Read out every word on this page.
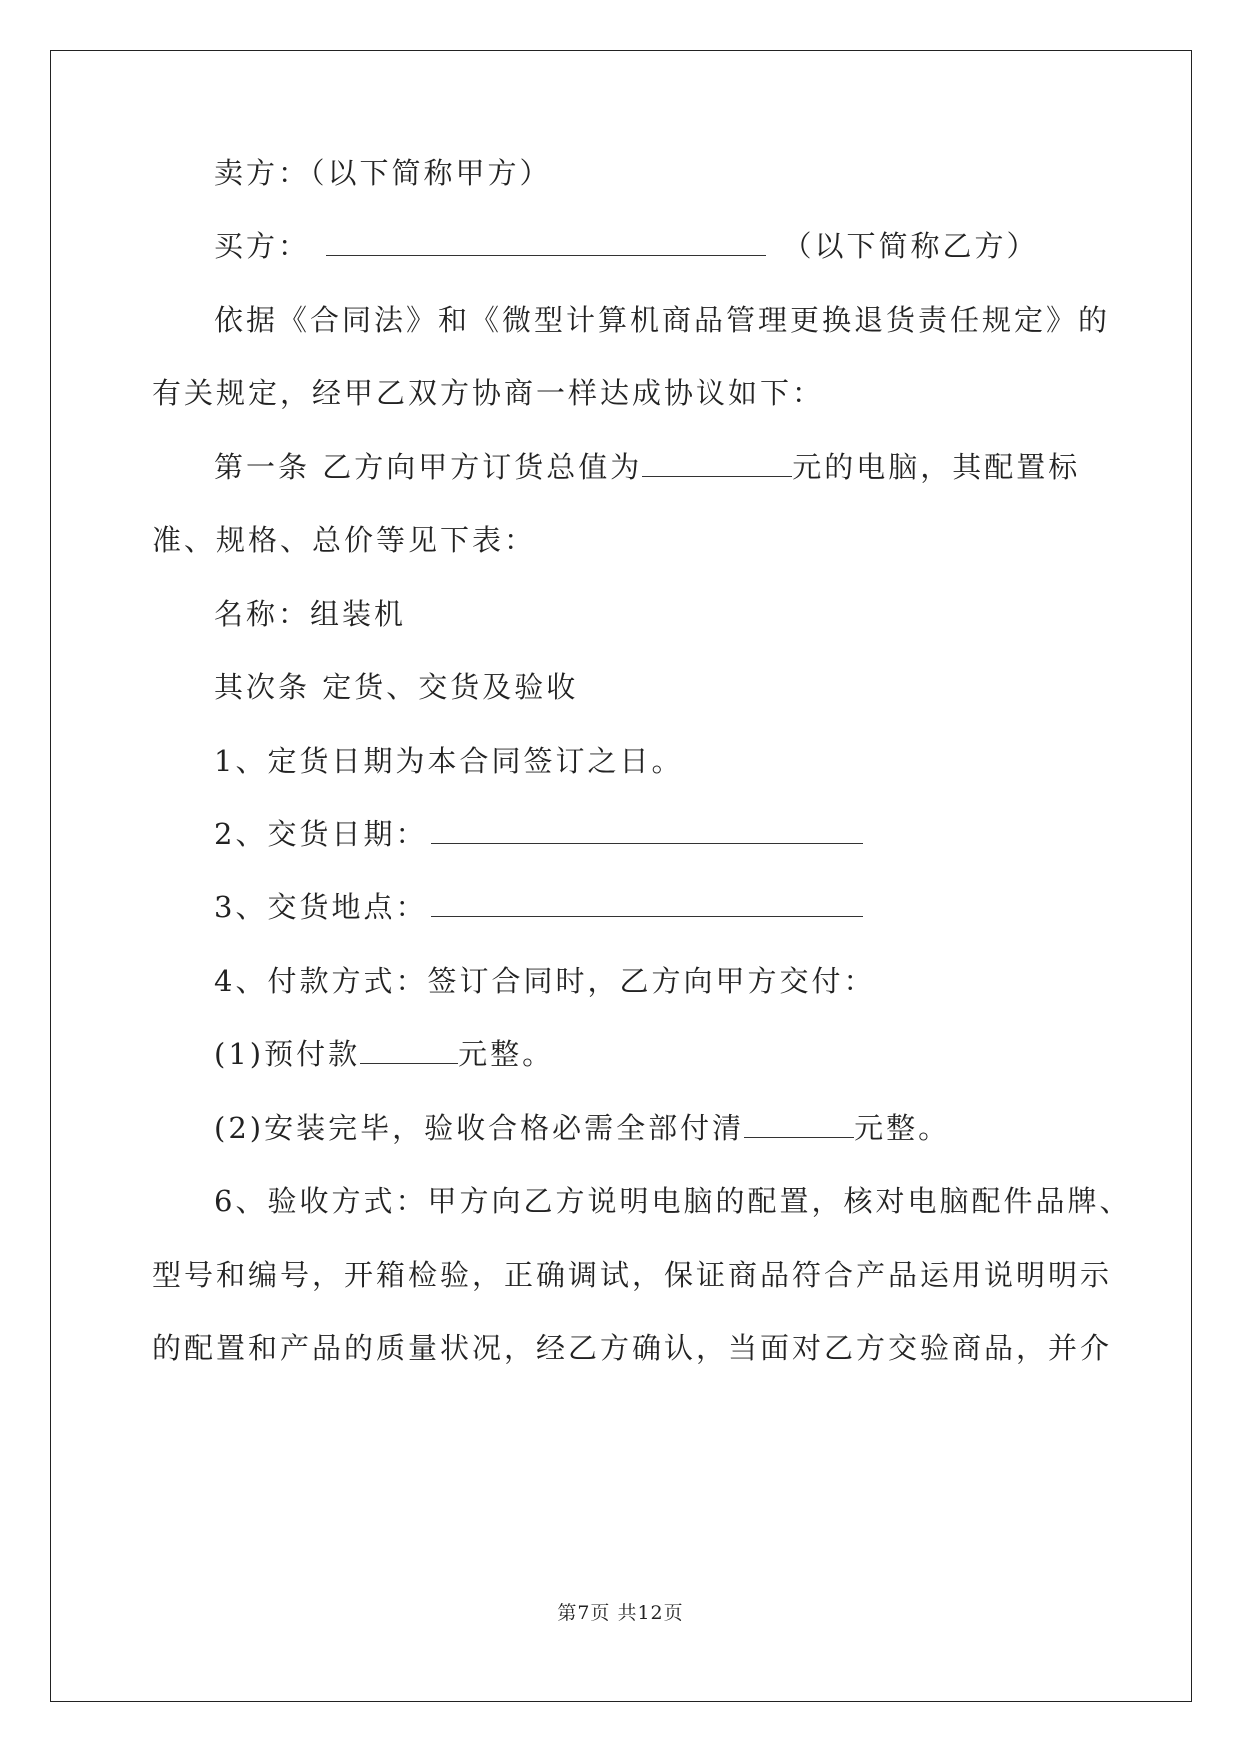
卖方：（以下简称甲方）
买方：	（以下简称乙方）
依据《合同法》和《微型计算机商品管理更换退货责任规定》的
有关规定，经甲乙双方协商一样达成协议如下：
第一条 乙方向甲方订货总值为	元的电脑，其配置标
准、规格、总价等见下表：
名称：组装机
其次条 定货、交货及验收
1、定货日期为本合同签订之日。
2、交货日期：
3、交货地点：
4、付款方式：签订合同时，乙方向甲方交付：
(1)预付款	元整。
(2)安装完毕，验收合格必需全部付清	元整。
6、验收方式：甲方向乙方说明电脑的配置，核对电脑配件品牌、
型号和编号，开箱检验，正确调试，保证商品符合产品运用说明明示
的配置和产品的质量状况，经乙方确认，当面对乙方交验商品，并介
第7页 共12页
